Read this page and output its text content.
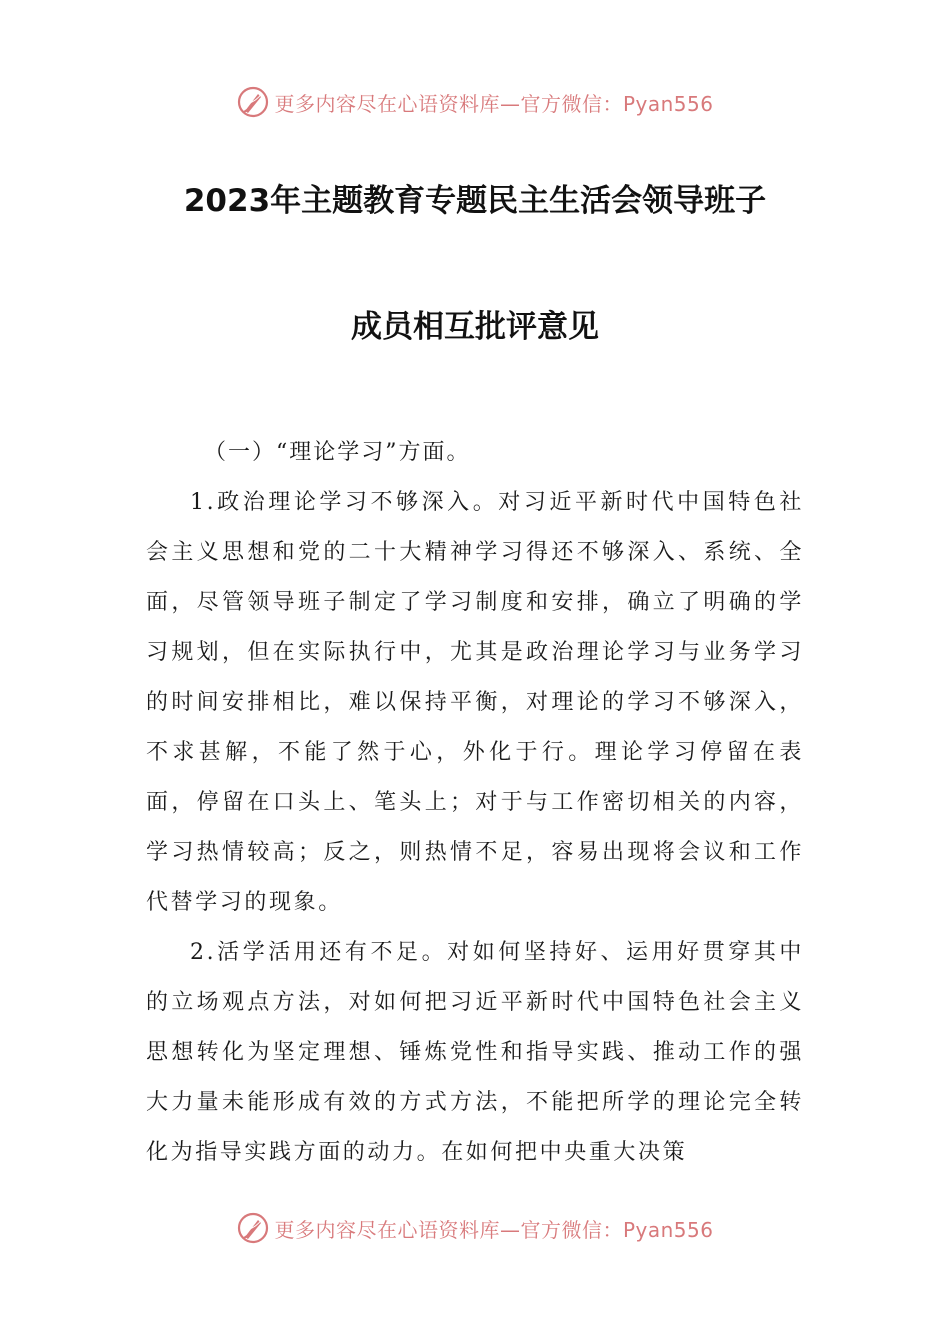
更多内容尽在心语资料库—官方微信：Pyan556
2023年主题教育专题民主生活会领导班子
成员相互批评意见

（一）“理论学习”方面。

1.政治理论学习不够深入。对习近平新时代中国特色社会主义思想和党的二十大精神学习得还不够深入、系统、全面，尽管领导班子制定了学习制度和安排，确立了明确的学习规划，但在实际执行中，尤其是政治理论学习与业务学习的时间安排相比，难以保持平衡，对理论的学习不够深入，不求甚解，不能了然于心，外化于行。理论学习停留在表面，停留在口头上、笔头上；对于与工作密切相关的内容，学习热情较高；反之，则热情不足，容易出现将会议和工作代替学习的现象。

2.活学活用还有不足。对如何坚持好、运用好贯穿其中的立场观点方法，对如何把习近平新时代中国特色社会主义思想转化为坚定理想、锤炼党性和指导实践、推动工作的强大力量未能形成有效的方式方法，不能把所学的理论完全转化为指导实践方面的动力。在如何把中央重大决策

更多内容尽在心语资料库—官方微信：Pyan556
